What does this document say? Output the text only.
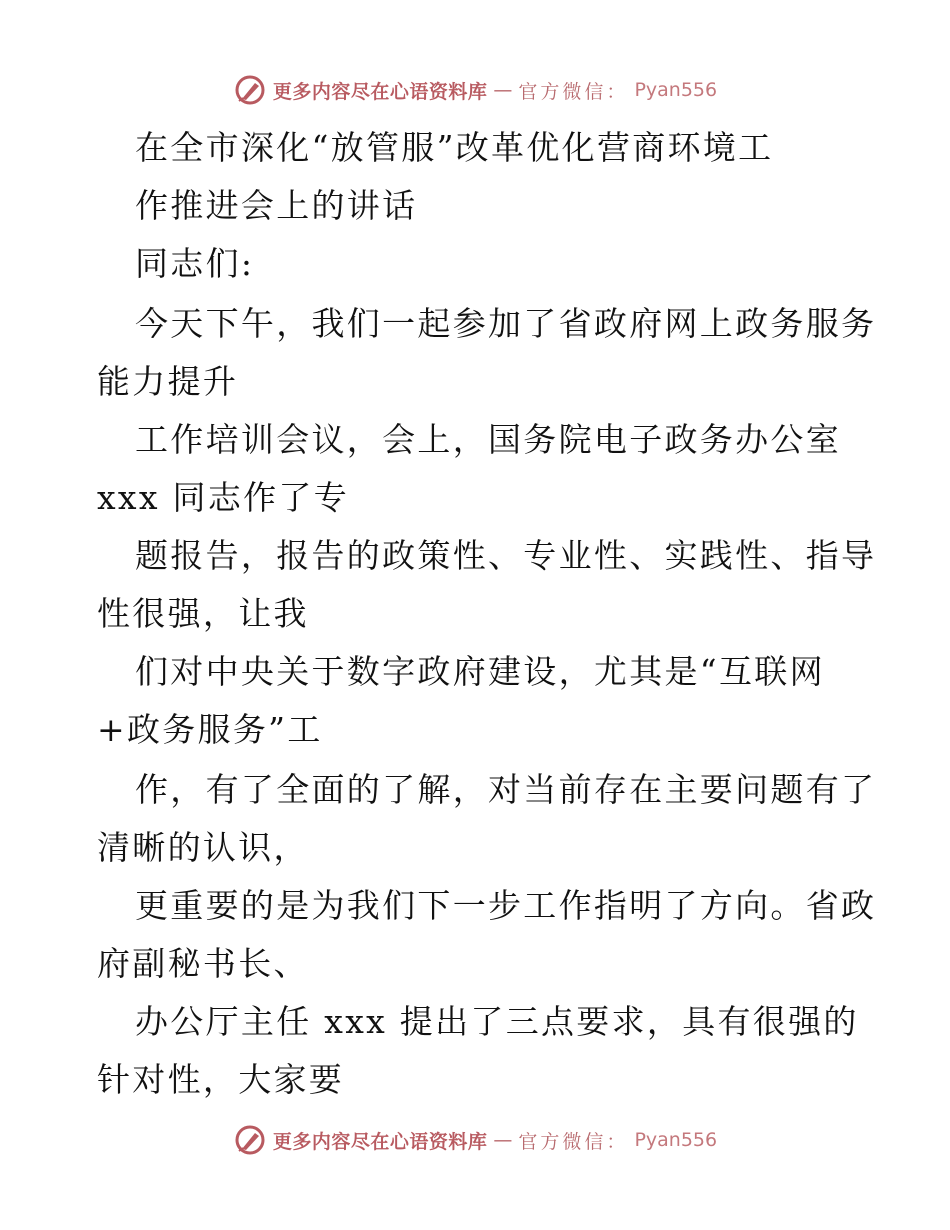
更多内容尽在心语资料库 — 官方微信： Pyan556
在全市深化“放管服”改革优化营商环境工
作推进会上的讲话
同志们:
今天下午，我们一起参加了省政府网上政务服务
能力提升
工作培训会议，会上，国务院电子政务办公室
xxx 同志作了专
题报告，报告的政策性、专业性、实践性、指导
性很强，让我
们对中央关于数字政府建设，尤其是“互联网
+政务服务”工
作，有了全面的了解，对当前存在主要问题有了
清晰的认识，
更重要的是为我们下一步工作指明了方向。省政
府副秘书长、
办公厅主任 xxx 提出了三点要求，具有很强的
针对性，大家要
更多内容尽在心语资料库 — 官方微信： Pyan556
